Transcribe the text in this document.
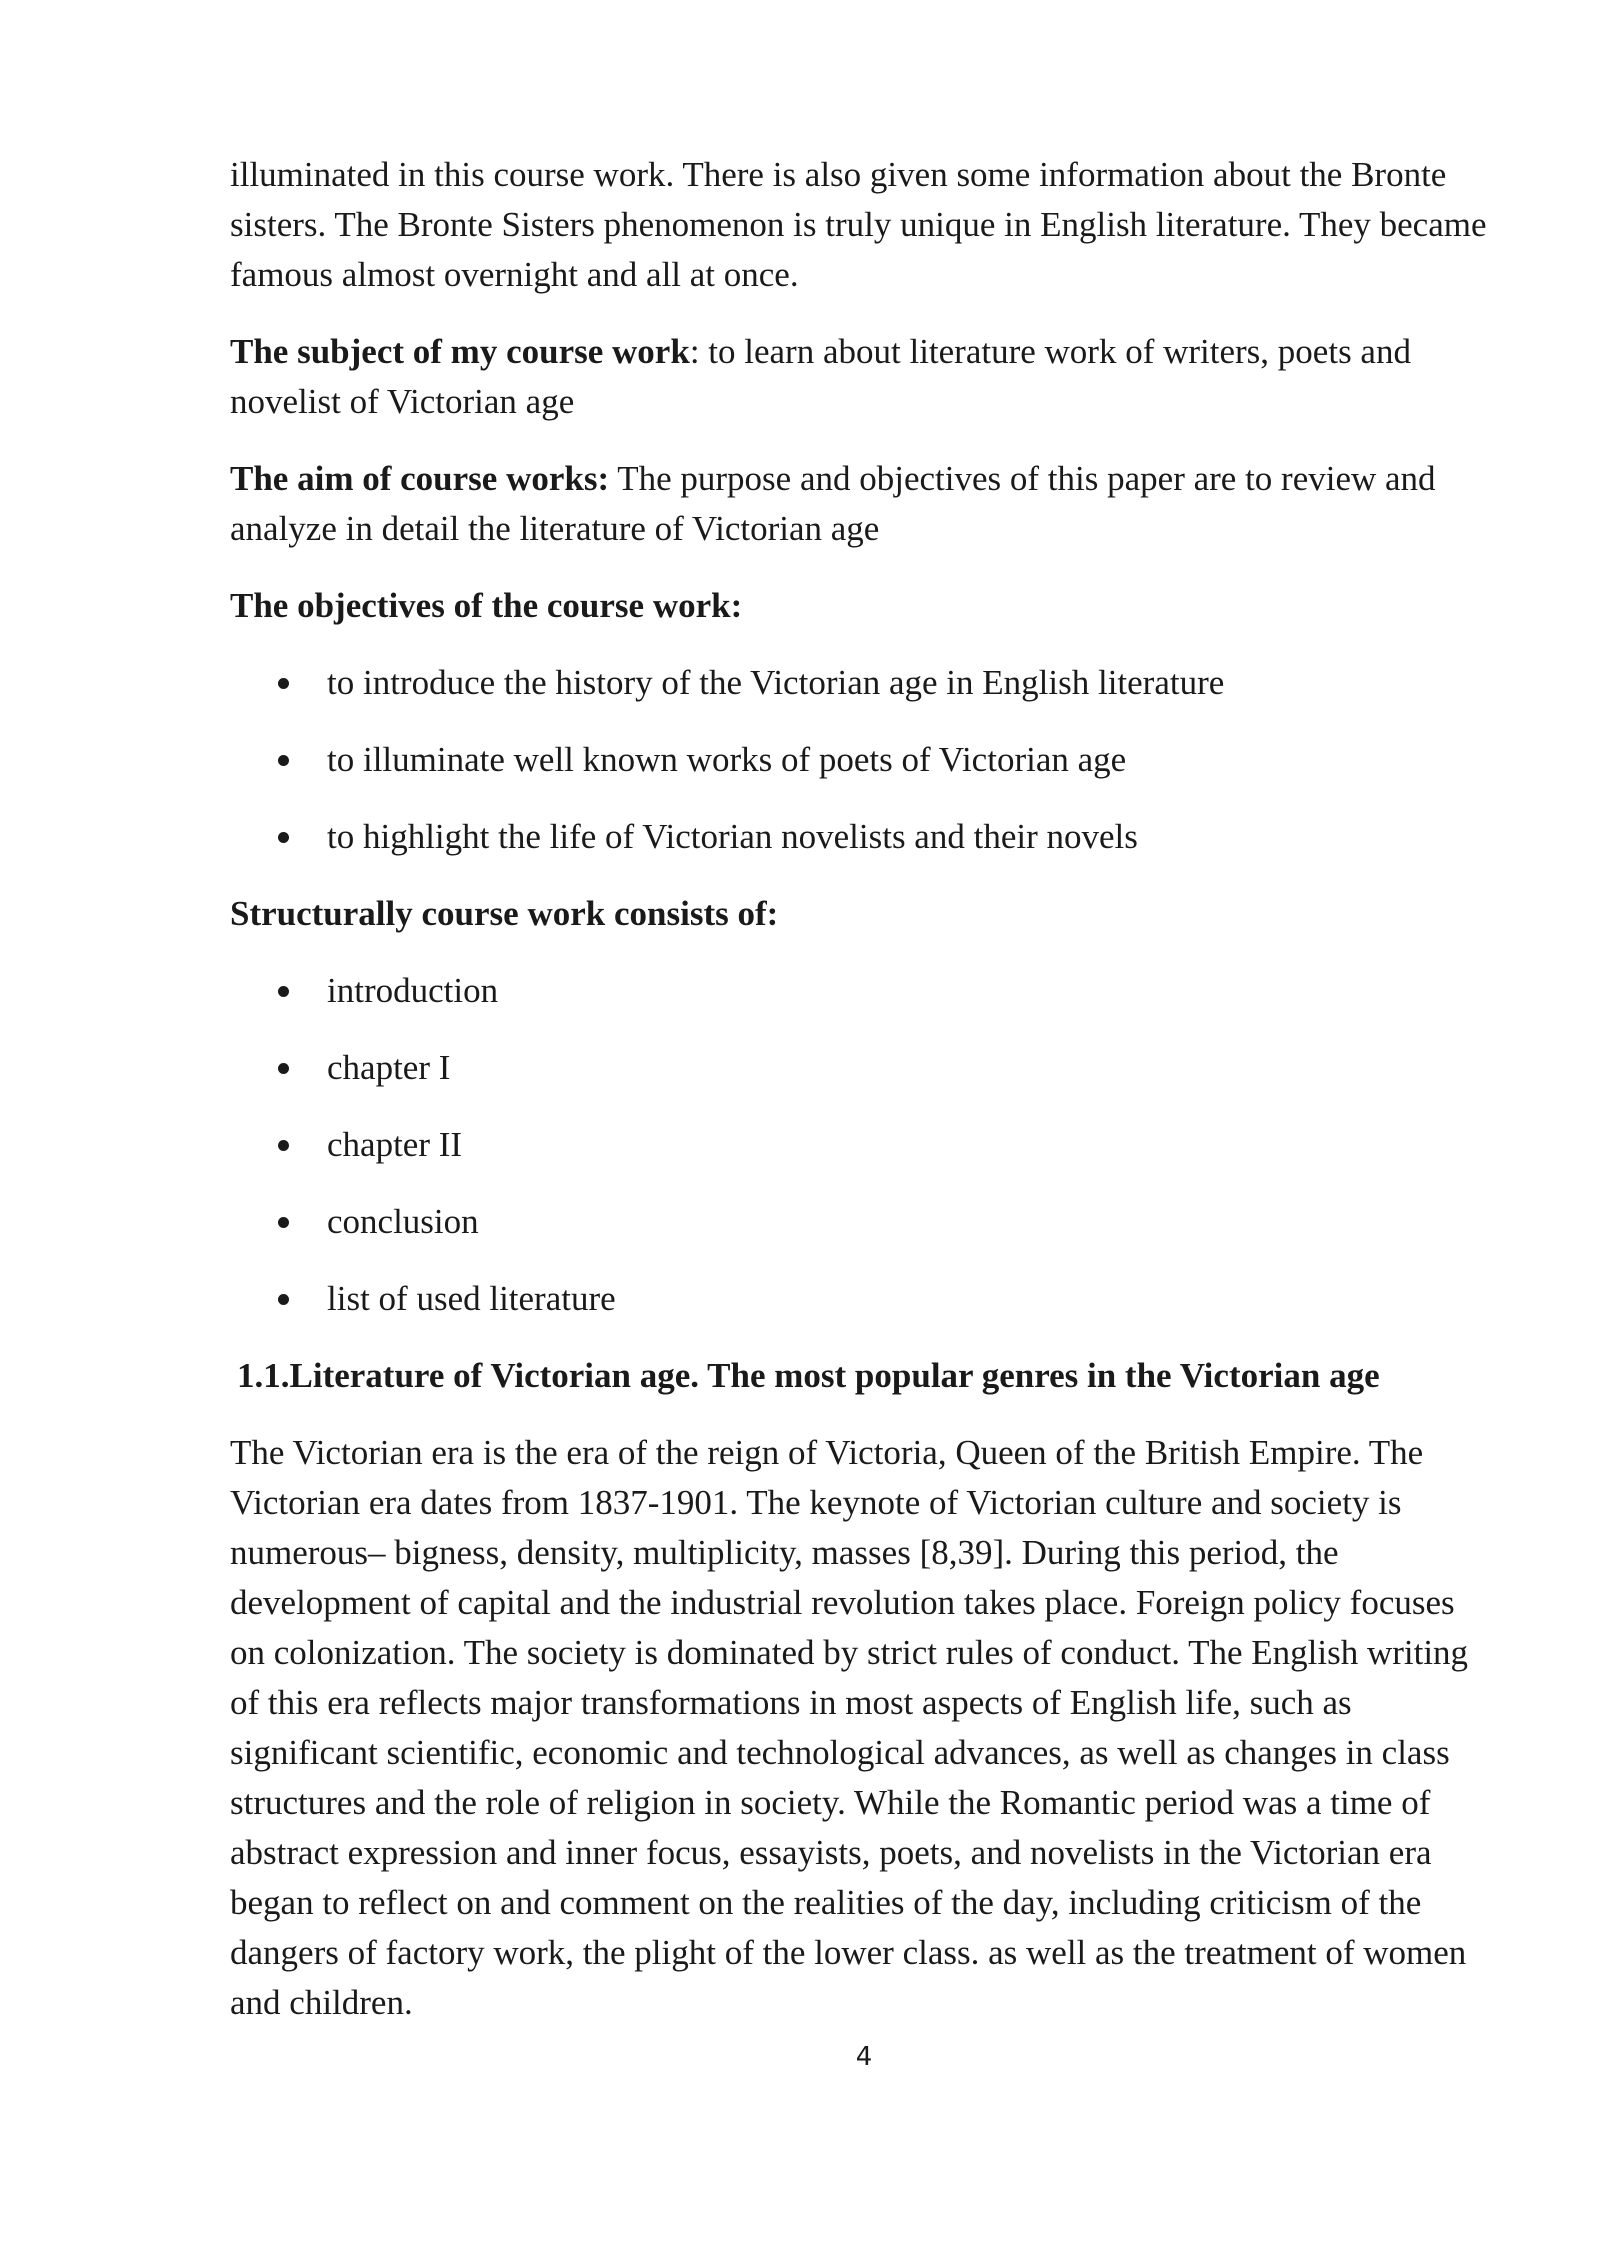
illuminated in this course work. There is also given some information about the Bronte sisters. The Bronte Sisters phenomenon is truly unique in English literature. They became famous almost overnight and all at once.

The subject of my course work: to learn about literature work of writers, poets and novelist of Victorian age

The aim of course works: The purpose and objectives of this paper are to review and analyze in detail the literature of Victorian age

The objectives of the course work:
to introduce the history of the Victorian age in English literature
to illuminate well known works of poets of Victorian age
to highlight the life of Victorian novelists and their novels
Structurally course work consists of:
introduction
chapter I
chapter II
conclusion
list of used literature
1.1.Literature of Victorian age. The most popular genres in the Victorian age

The Victorian era is the era of the reign of Victoria, Queen of the British Empire. The Victorian era dates from 1837-1901. The keynote of Victorian culture and society is numerous– bigness, density, multiplicity, masses [8,39]. During this period, the development of capital and the industrial revolution takes place. Foreign policy focuses on colonization. The society is dominated by strict rules of conduct. The English writing of this era reflects major transformations in most aspects of English life, such as significant scientific, economic and technological advances, as well as changes in class structures and the role of religion in society. While the Romantic period was a time of abstract expression and inner focus, essayists, poets, and novelists in the Victorian era began to reflect on and comment on the realities of the day, including criticism of the dangers of factory work, the plight of the lower class. as well as the treatment of women and children.

4
